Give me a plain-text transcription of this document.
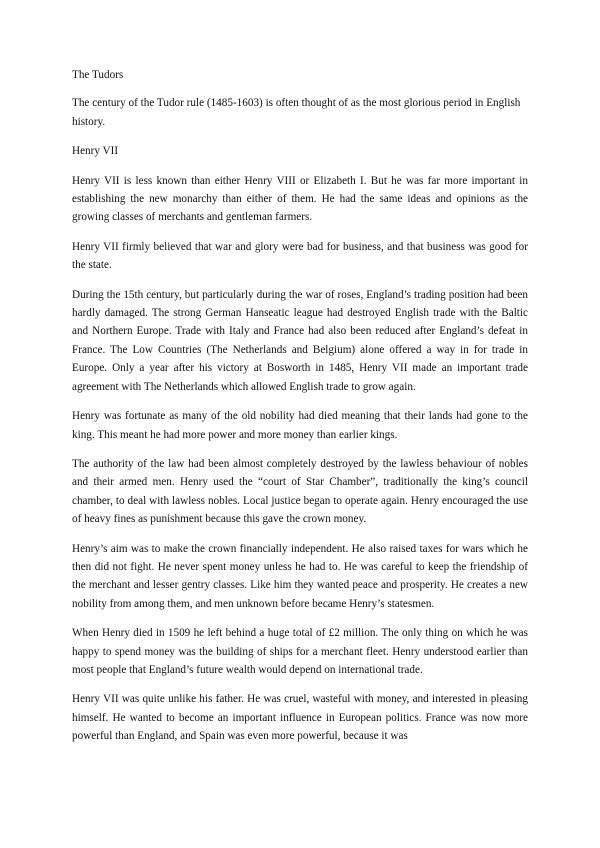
The Tudors

The century of the Tudor rule (1485-1603) is often thought of as the most glorious period in English history.

Henry VII

Henry VII is less known than either Henry VIII or Elizabeth I. But he was far more important in establishing the new monarchy than either of them. He had the same ideas and opinions as the growing classes of merchants and gentleman farmers.

Henry VII firmly believed that war and glory were bad for business, and that business was good for the state.

During the 15th century, but particularly during the war of roses, England’s trading position had been hardly damaged. The strong German Hanseatic league had destroyed English trade with the Baltic and Northern Europe. Trade with Italy and France had also been reduced after England’s defeat in France. The Low Countries (The Netherlands and Belgium) alone offered a way in for trade in Europe. Only a year after his victory at Bosworth in 1485, Henry VII made an important trade agreement with The Netherlands which allowed English trade to grow again.

Henry was fortunate as many of the old nobility had died meaning that their lands had gone to the king. This meant he had more power and more money than earlier kings.

The authority of the law had been almost completely destroyed by the lawless behaviour of nobles and their armed men. Henry used the “court of Star Chamber”, traditionally the king’s council chamber, to deal with lawless nobles. Local justice began to operate again. Henry encouraged the use of heavy fines as punishment because this gave the crown money.

Henry’s aim was to make the crown financially independent. He also raised taxes for wars which he then did not fight. He never spent money unless he had to. He was careful to keep the friendship of the merchant and lesser gentry classes. Like him they wanted peace and prosperity. He creates a new nobility from among them, and men unknown before became Henry’s statesmen.

When Henry died in 1509 he left behind a huge total of £2 million. The only thing on which he was happy to spend money was the building of ships for a merchant fleet. Henry understood earlier than most people that England’s future wealth would depend on international trade.

Henry VII was quite unlike his father. He was cruel, wasteful with money, and interested in pleasing himself. He wanted to become an important influence in European politics. France was now more powerful than England, and Spain was even more powerful, because it was
